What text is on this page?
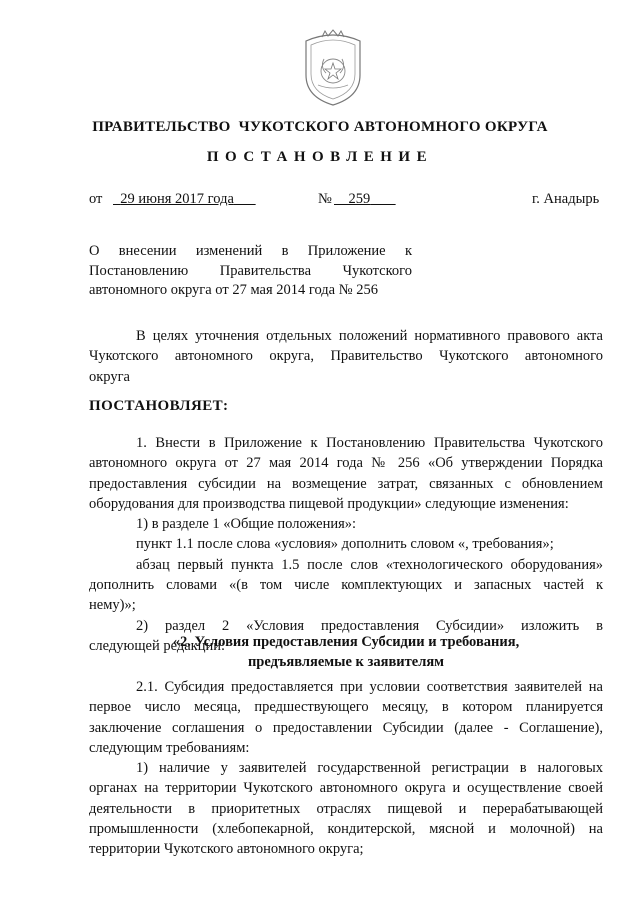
ПРАВИТЕЛЬСТВО  ЧУКОТСКОГО АВТОНОМНОГО ОКРУГА
ПОСТАНОВЛЕНИЕ
от	29 июня 2017 года	№	259	г. Анадырь
О внесении изменений в Приложение к
Постановлению Правительства Чукотского
автономного округа от 27 мая 2014 года № 256
В целях уточнения отдельных положений нормативного правового акта
Чукотского автономного округа, Правительство Чукотского автономного
округа
ПОСТАНОВЛЯЕТ:
1. Внести в Приложение к Постановлению Правительства Чукотского
автономного округа от 27 мая 2014 года № 256 «Об утверждении Порядка
предоставления субсидии на возмещение затрат, связанных с обновлением
оборудования для производства пищевой продукции» следующие изменения:
1) в разделе 1 «Общие положения»:
пункт 1.1 после слова «условия» дополнить словом «, требования»;
абзац первый пункта 1.5 после слов «технологического оборудования»
дополнить словами «(в том числе комплектующих и запасных частей к
нему)»;
2) раздел 2 «Условия предоставления Субсидии» изложить в
следующей редакции:
«2. Условия предоставления Субсидии и требования,
предъявляемые к заявителям
2.1. Субсидия предоставляется при условии соответствия заявителей на
первое число месяца, предшествующего месяцу, в котором планируется
заключение соглашения о предоставлении Субсидии (далее - Соглашение),
следующим требованиям:
1) наличие у заявителей государственной регистрации в налоговых
органах на территории Чукотского автономного округа и осуществление своей
деятельности в приоритетных отраслях пищевой и перерабатывающей
промышленности (хлебопекарной, кондитерской, мясной и молочной) на
территории Чукотского автономного округа;
